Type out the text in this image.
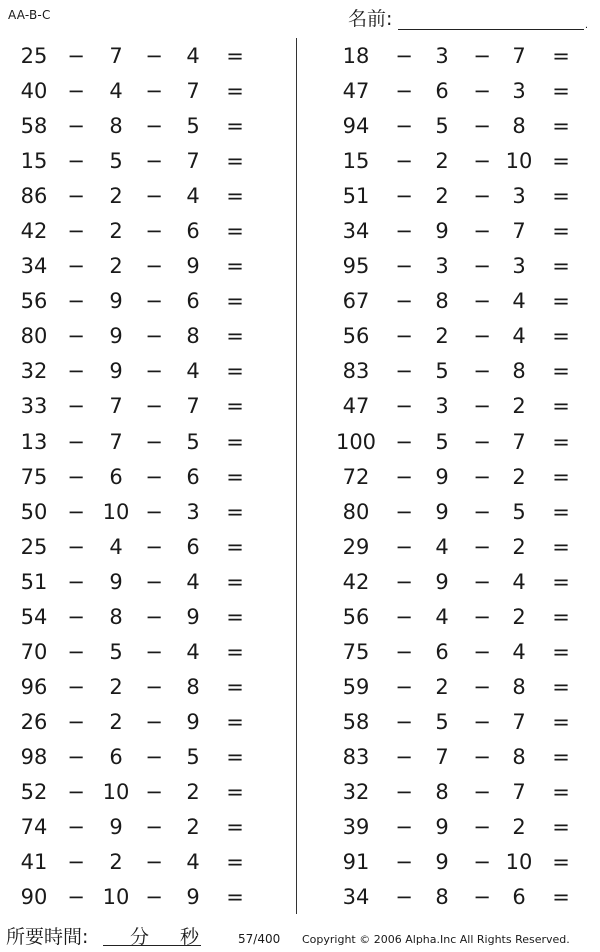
AA-B-C	名前:	.
25 −	7	−	4	=
40 −	4	−	7	=
58 −	8	−	5	=
15 −	5	−	7	=
86 −	2	−	4	=
42 −	2	−	6	=
34 −	2	−	9	=
56 −	9	−	6	=
80 −	9	−	8	=
32 −	9	−	4	=
33 −	7	−	7	=
13 −	7	−	5	=
75 −	6	−	6	=
50 − 10 −	3	=
25 −	4	−	6	=
51 −	9	−	4	=
54 −	8	−	9	=
70 −	5	−	4	=
96 −	2	−	8	=
26 −	2	−	9	=
98 −	6	−	5	=
52 − 10 −	2	=
74 −	9	−	2	=
41 −	2	−	4	=
90 − 10 −	9	=
18	−	3	−	7	=
47	−	6	−	3	=
94	−	5	−	8	=
15	−	2	− 10 =
51	−	2	−	3	=
34	−	9	−	7	=
95	−	3	−	3	=
67	−	8	−	4	=
56	−	2	−	4	=
83	−	5	−	8	=
47	−	3	−	2	=
100 −	5	−	7	=
72	−	9	−	2	=
80	−	9	−	5	=
29	−	4	−	2	=
42	−	9	−	4	=
56	−	4	−	2	=
75	−	6	−	4	=
59	−	2	−	8	=
58	−	5	−	7	=
83	−	7	−	8	=
32	−	8	−	7	=
39	−	9	−	2	=
91	−	9	− 10 =
34	−	8	−	6	=
所要時間: 分 秒	57/400 Copyright © 2006 Alpha.Inc All Rights Reserved.
